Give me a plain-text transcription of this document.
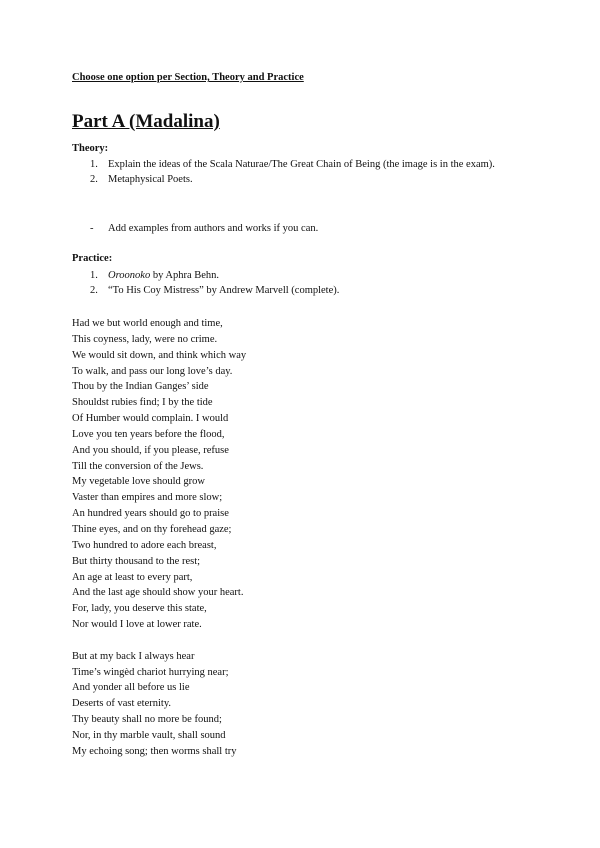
Choose one option per Section, Theory and Practice
Part A (Madalina)
Theory:
1. Explain the ideas of the Scala Naturae/The Great Chain of Being (the image is in the exam).
2. Metaphysical Poets.
-	Add examples from authors and works if you can.
Practice:
1. Oroonoko by Aphra Behn.
2. “To His Coy Mistress” by Andrew Marvell (complete).
Had we but world enough and time,
This coyness, lady, were no crime.
We would sit down, and think which way
To walk, and pass our long love’s day.
Thou by the Indian Ganges’ side
Shouldst rubies find; I by the tide
Of Humber would complain. I would
Love you ten years before the flood,
And you should, if you please, refuse
Till the conversion of the Jews.
My vegetable love should grow
Vaster than empires and more slow;
An hundred years should go to praise
Thine eyes, and on thy forehead gaze;
Two hundred to adore each breast,
But thirty thousand to the rest;
An age at least to every part,
And the last age should show your heart.
For, lady, you deserve this state,
Nor would I love at lower rate.
But at my back I always hear
Time’s wingèd chariot hurrying near;
And yonder all before us lie
Deserts of vast eternity.
Thy beauty shall no more be found;
Nor, in thy marble vault, shall sound
My echoing song; then worms shall try
